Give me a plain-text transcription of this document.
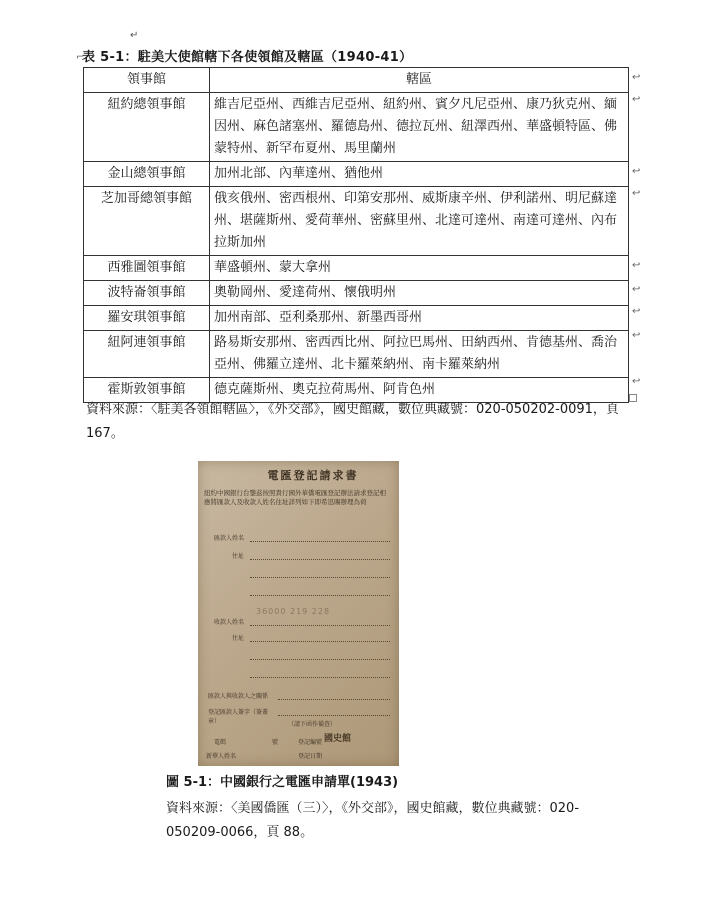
↵
⌐
表 5-1：駐美大使館轄下各使領館及轄區（1940-41）
領事館	轄區
紐約總領事館	維吉尼亞州、西維吉尼亞州、紐約州、賓夕凡尼亞州、康乃狄克州、緬因州、麻色諸塞州、羅德島州、德拉瓦州、紐澤西州、華盛頓特區、佛蒙特州、新罕布夏州、馬里蘭州
金山總領事館	加州北部、內華達州、猶他州
芝加哥總領事館	俄亥俄州、密西根州、印第安那州、威斯康辛州、伊利諾州、明尼蘇達州、堪薩斯州、愛荷華州、密蘇里州、北達可達州、南達可達州、內布拉斯加州
西雅圖領事館	華盛頓州、蒙大拿州
波特崙領事館	奧勒岡州、愛達荷州、懷俄明州
羅安琪領事館	加州南部、亞利桑那州、新墨西哥州
紐阿連領事館	路易斯安那州、密西西比州、阿拉巴馬州、田納西州、肯德基州、喬治亞州、佛羅立達州、北卡羅萊納州、南卡羅萊納州
霍斯敦領事館	德克薩斯州、奧克拉荷馬州、阿肯色州
↩
↩
↩
↩
↩
↩
↩
↩
↩
資料來源：〈駐美各領館轄區〉，《外交部》，國史館藏，數位典藏號：020-050202-0091，頁 167。
電匯登記請求書
紐約中國銀行台鑒茲按照貴行國外華僑電匯登記辦法請求登記相應將匯款人及收款人姓名住址詳列如下即希迅賜辦理為荷
匯款人姓名
住址
36000 219 228
收款人姓名
住址
匯款人與收款人之關係
登記匯款人簽字（簽蓋章）	（請下函作備查）
電碼	登記編號
號
新華人姓名	登記日期
國史館
圖 5-1：中國銀行之電匯申請單(1943)
資料來源：〈美國僑匯（三）〉，《外交部》，國史館藏，數位典藏號：020-050209-0066，頁 88。
